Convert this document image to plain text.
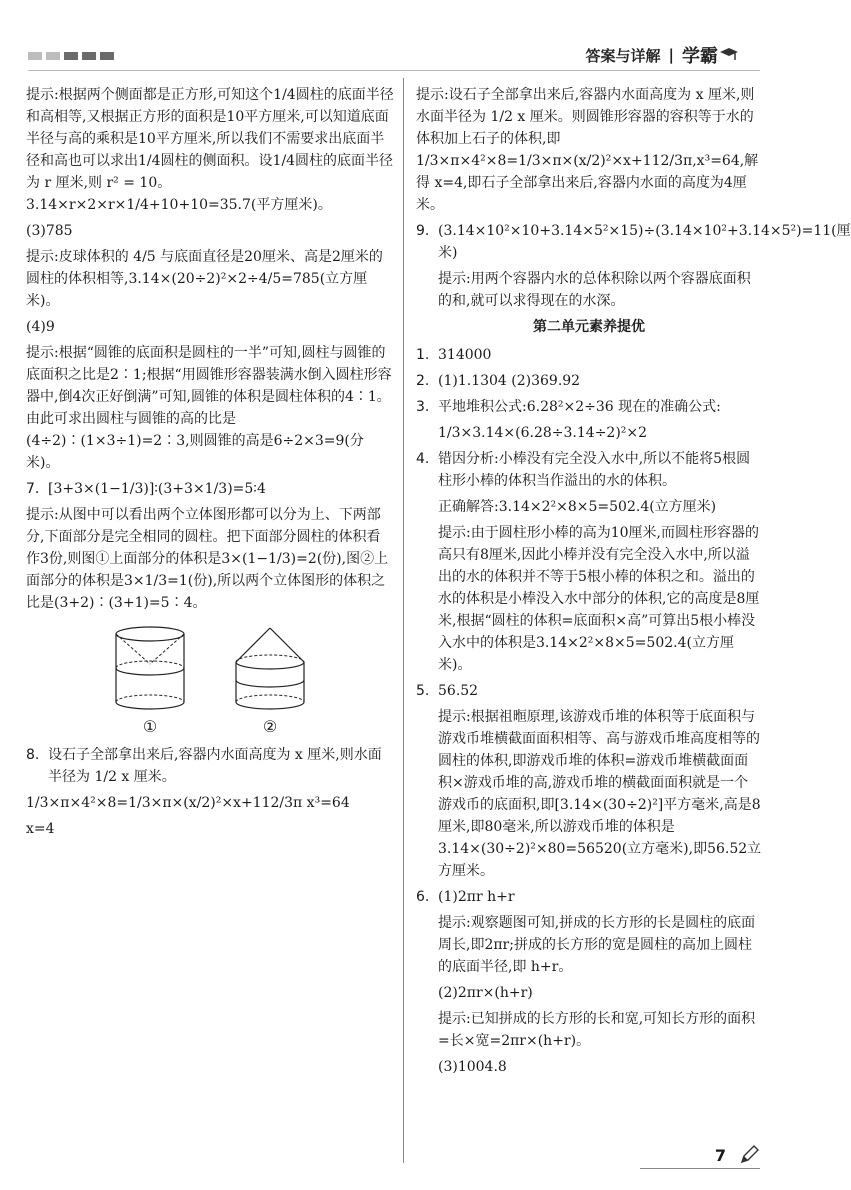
答案与详解 | 学霸

提示:根据两个侧面都是正方形,可知这个1/4圆柱的底面半径和高相等,又根据正方形的面积是10平方厘米,可以知道底面半径与高的乘积是10平方厘米,所以我们不需要求出底面半径和高也可以求出1/4圆柱的侧面积。设1/4圆柱的底面半径为 r 厘米,则 r² = 10。3.14×r×2×r×1/4+10+10=35.7(平方厘米)。

(3)785

提示:皮球体积的 4/5 与底面直径是20厘米、高是2厘米的圆柱的体积相等,3.14×(20÷2)²×2÷4/5=785(立方厘米)。

(4)9

提示:根据“圆锥的底面积是圆柱的一半”可知,圆柱与圆锥的底面积之比是2∶1;根据“用圆锥形容器装满水倒入圆柱形容器中,倒4次正好倒满”可知,圆锥的体积是圆柱体积的4∶1。由此可求出圆柱与圆锥的高的比是(4÷2)∶(1×3÷1)=2∶3,则圆锥的高是6÷2×3=9(分米)。

7. [3+3×(1−1/3)]∶(3+3×1/3)=5∶4

提示:从图中可以看出两个立体图形都可以分为上、下两部分,下面部分是完全相同的圆柱。把下面部分圆柱的体积看作3份,则图①上面部分的体积是3×(1−1/3)=2(份),图②上面部分的体积是3×1/3=1(份),所以两个立体图形的体积之比是(3+2)∶(3+1)=5∶4。

①	②
8. 设石子全部拿出来后,容器内水面高度为 x 厘米,则水面半径为 1/2 x 厘米。

1/3×π×4²×8=1/3×π×(x/2)²×x+112/3π x³=64

x=4

提示:设石子全部拿出来后,容器内水面高度为 x 厘米,则水面半径为 1/2 x 厘米。则圆锥形容器的容积等于水的体积加上石子的体积,即 1/3×π×4²×8=1/3×π×(x/2)²×x+112/3π,x³=64,解得 x=4,即石子全部拿出来后,容器内水面的高度为4厘米。

9. (3.14×10²×10+3.14×5²×15)÷(3.14×10²+3.14×5²)=11(厘米)

提示:用两个容器内水的总体积除以两个容器底面积的和,就可以求得现在的水深。

第二单元素养提优
1. 314000
2. (1)1.1304 (2)369.92
3. 平地堆积公式:6.28²×2÷36 现在的准确公式:

1/3×3.14×(6.28÷3.14÷2)²×2

4. 错因分析:小棒没有完全没入水中,所以不能将5根圆柱形小棒的体积当作溢出的水的体积。

正确解答:3.14×2²×8×5=502.4(立方厘米)

提示:由于圆柱形小棒的高为10厘米,而圆柱形容器的高只有8厘米,因此小棒并没有完全没入水中,所以溢出的水的体积并不等于5根小棒的体积之和。溢出的水的体积是小棒没入水中部分的体积,它的高度是8厘米,根据“圆柱的体积=底面积×高”可算出5根小棒没入水中的体积是3.14×2²×8×5=502.4(立方厘米)。

5. 56.52

提示:根据祖暅原理,该游戏币堆的体积等于底面积与游戏币堆横截面面积相等、高与游戏币堆高度相等的圆柱的体积,即游戏币堆的体积=游戏币堆横截面面积×游戏币堆的高,游戏币堆的横截面面积就是一个游戏币的底面积,即[3.14×(30÷2)²]平方毫米,高是8厘米,即80毫米,所以游戏币堆的体积是3.14×(30÷2)²×80=56520(立方毫米),即56.52立方厘米。

6. (1)2πr h+r

提示:观察题图可知,拼成的长方形的长是圆柱的底面周长,即2πr;拼成的长方形的宽是圆柱的高加上圆柱的底面半径,即 h+r。

(2)2πr×(h+r)

提示:已知拼成的长方形的长和宽,可知长方形的面积=长×宽=2πr×(h+r)。

(3)1004.8

7
